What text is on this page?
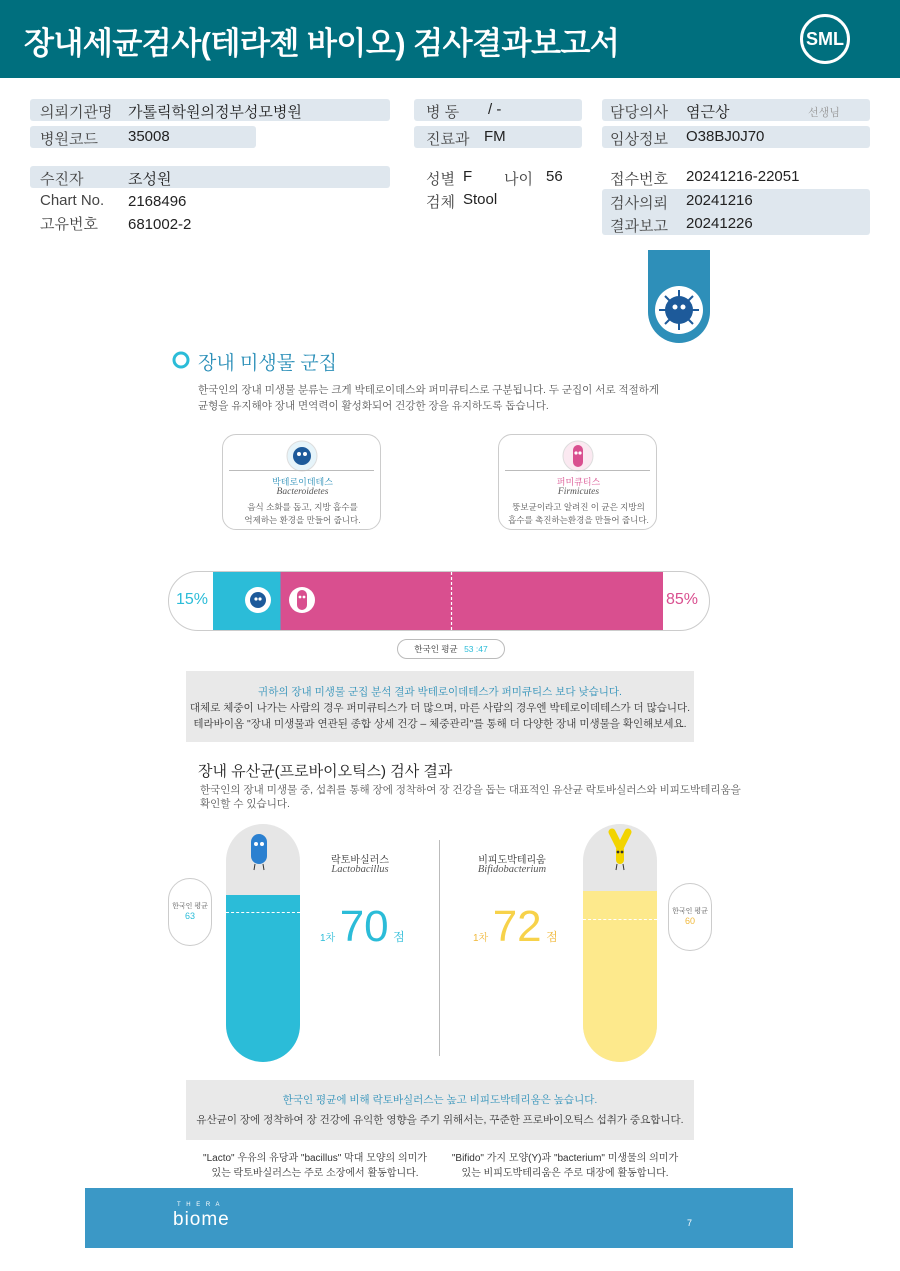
장내세균검사(테라젠 바이오) 검사결과보고서	SML
의뢰기관명 가톨릭학원의정부성모병원
병원코드 35008
수진자	조성원
Chart No. 2168496
고유번호 681002-2
병 동 / -
진료과 FM
성별 F 나이 56
검체 Stool
담당의사 염근상	선생님
임상정보 O38BJ0J70
접수번호 20241216-22051
검사의뢰 20241216
결과보고 20241226
장내 미생물 군집
한국인의 장내 미생물 분류는 크게 박테로이데스와 퍼미큐티스로 구분됩니다. 두 군집이 서로 적절하게
균형을 유지해야 장내 면역력이 활성화되어 건강한 장을 유지하도록 돕습니다.
박테로이데테스
Bacteroidetes
음식 소화를 돕고, 지방 흡수를
억제하는 환경을 만들어 줍니다.
퍼미큐티스
Firmicutes
뚱보균이라고 알려진 이 균은 지방의
흡수를 촉진하는환경을 만들어 줍니다.
15%	85%
한국인 평균 53 :47
귀하의 장내 미생물 군집 분석 결과 박테로이데테스가 퍼미큐티스 보다 낮습니다.
대체로 체중이 나가는 사람의 경우 퍼미큐티스가 더 많으며, 마른 사람의 경우엔 박테로이데테스가 더 많습니다.
테라바이옴 "장내 미생물과 연관된 종합 상세 건강 – 체중관리"를 통해 더 다양한 장내 미생물을 확인해보세요.
장내 유산균(프로바이오틱스) 검사 결과
한국인의 장내 미생물 중, 섭취를 통해 장에 정착하여 장 건강을 돕는 대표적인 유산균 락토바실러스와 비피도박테리움을
확인할 수 있습니다.
한국인 평균
63
락토바실러스
Lactobacillus
1차 70 점
비피도박테리움
Bifidobacterium
1차 72 점
한국인 평균
60
한국인 평균에 비해 락토바실러스는 높고 비피도박테리움은 높습니다.
유산균이 장에 정착하여 장 건강에 유익한 영향을 주기 위해서는, 꾸준한 프로바이오틱스 섭취가 중요합니다.
"Lacto" 우유의 유당과 "bacillus" 막대 모양의 의미가
있는 락토바실러스는 주로 소장에서 활동합니다.
"Bifido" 가지 모양(Y)과 "bacterium" 미생물의 의미가
있는 비피도박테리움은 주로 대장에 활동합니다.
T H E R A
biome	7
